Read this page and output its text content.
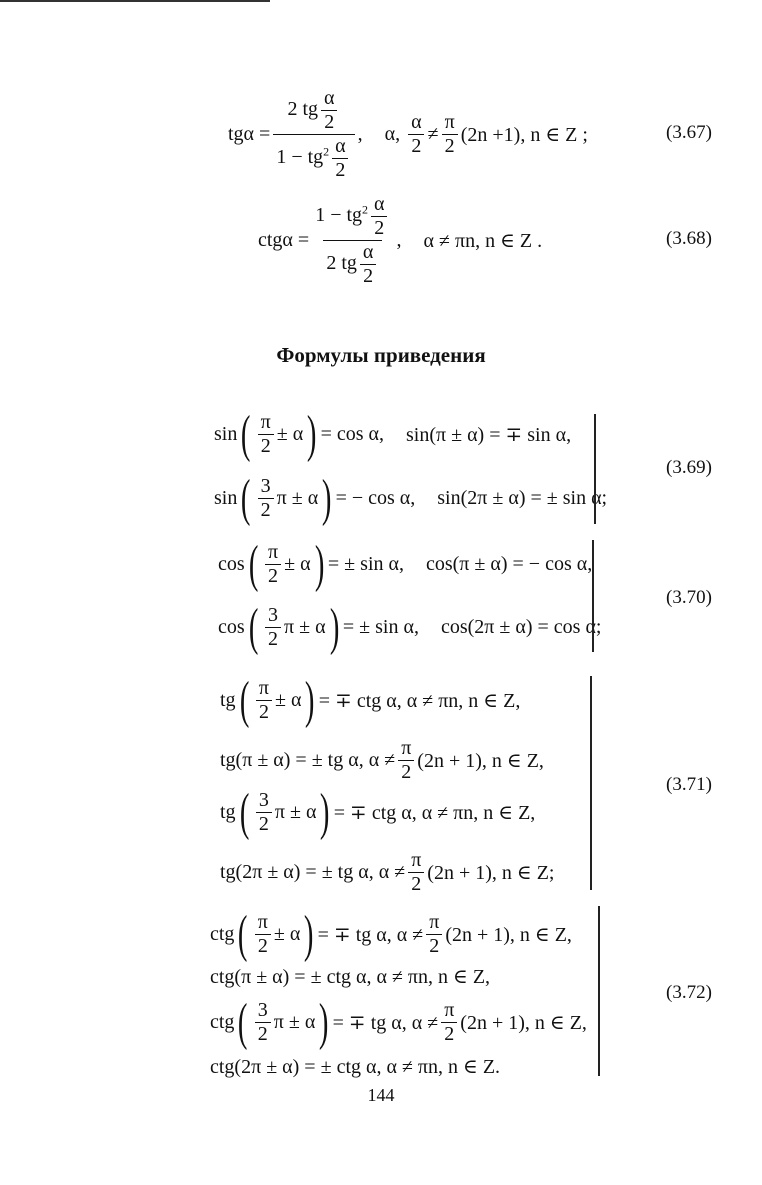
$tg\alpha = \frac{2 tg \frac{\alpha}{2}}{1 - tg^2 \frac{\alpha}{2}}$ , α,
$\frac{\alpha}{2} \ne \frac{\pi}{2} (2n +1)$, n ∈ Z ;	(3.67)
$ctg\alpha = \frac{1 - tg^2 \frac{\alpha}{2}}{2 tg \frac{\alpha}{2}}$ , α ≠ πn, n ∈ Z .	(3.68)
Формулы приведения
sin ( $\frac{\pi}{2} \pm \alpha$ ) = cos α, sin(π ± α) = ∓ sin α,
sin ( $\frac{3}{2}$ π ± α ) = − cos α, sin(2π ± α) = ± sin α;
(3.69)
cos ( $\frac{\pi}{2} \pm \alpha$ ) = ± sin α, cos(π ± α) = − cos α,
cos ( $\frac{3}{2}$ π ± α ) = ± sin α, cos(2π ± α) = cos α;
(3.70)
tg ( $\frac{\pi}{2} \pm \alpha$ ) = ∓ ctg α, α ≠ πn, n ∈ Z,
tg(π ± α) = ± tg α, $\alpha \ne \frac{\pi}{2} (2n + 1)$, n ∈ Z,
tg ( $\frac{3}{2}$ π ± α ) = ∓ ctg α, α ≠ πn, n ∈ Z,
tg(2π ± α) = ± tg α, $\alpha \ne \frac{\pi}{2} (2n + 1)$, n ∈ Z;
(3.71)
ctg ( $\frac{\pi}{2} \pm \alpha$ ) = ∓ tg α, $\alpha \ne \frac{\pi}{2} (2n + 1)$, n ∈ Z,
ctg(π ± α) = ± ctg α, α ≠ πn, n ∈ Z,
ctg ( $\frac{3}{2}$ π ± α ) = ∓ tg α, $\alpha \ne \frac{\pi}{2} (2n + 1)$, n ∈ Z,
ctg(2π ± α) = ± ctg α, α ≠ πn, n ∈ Z.
(3.72)
144
